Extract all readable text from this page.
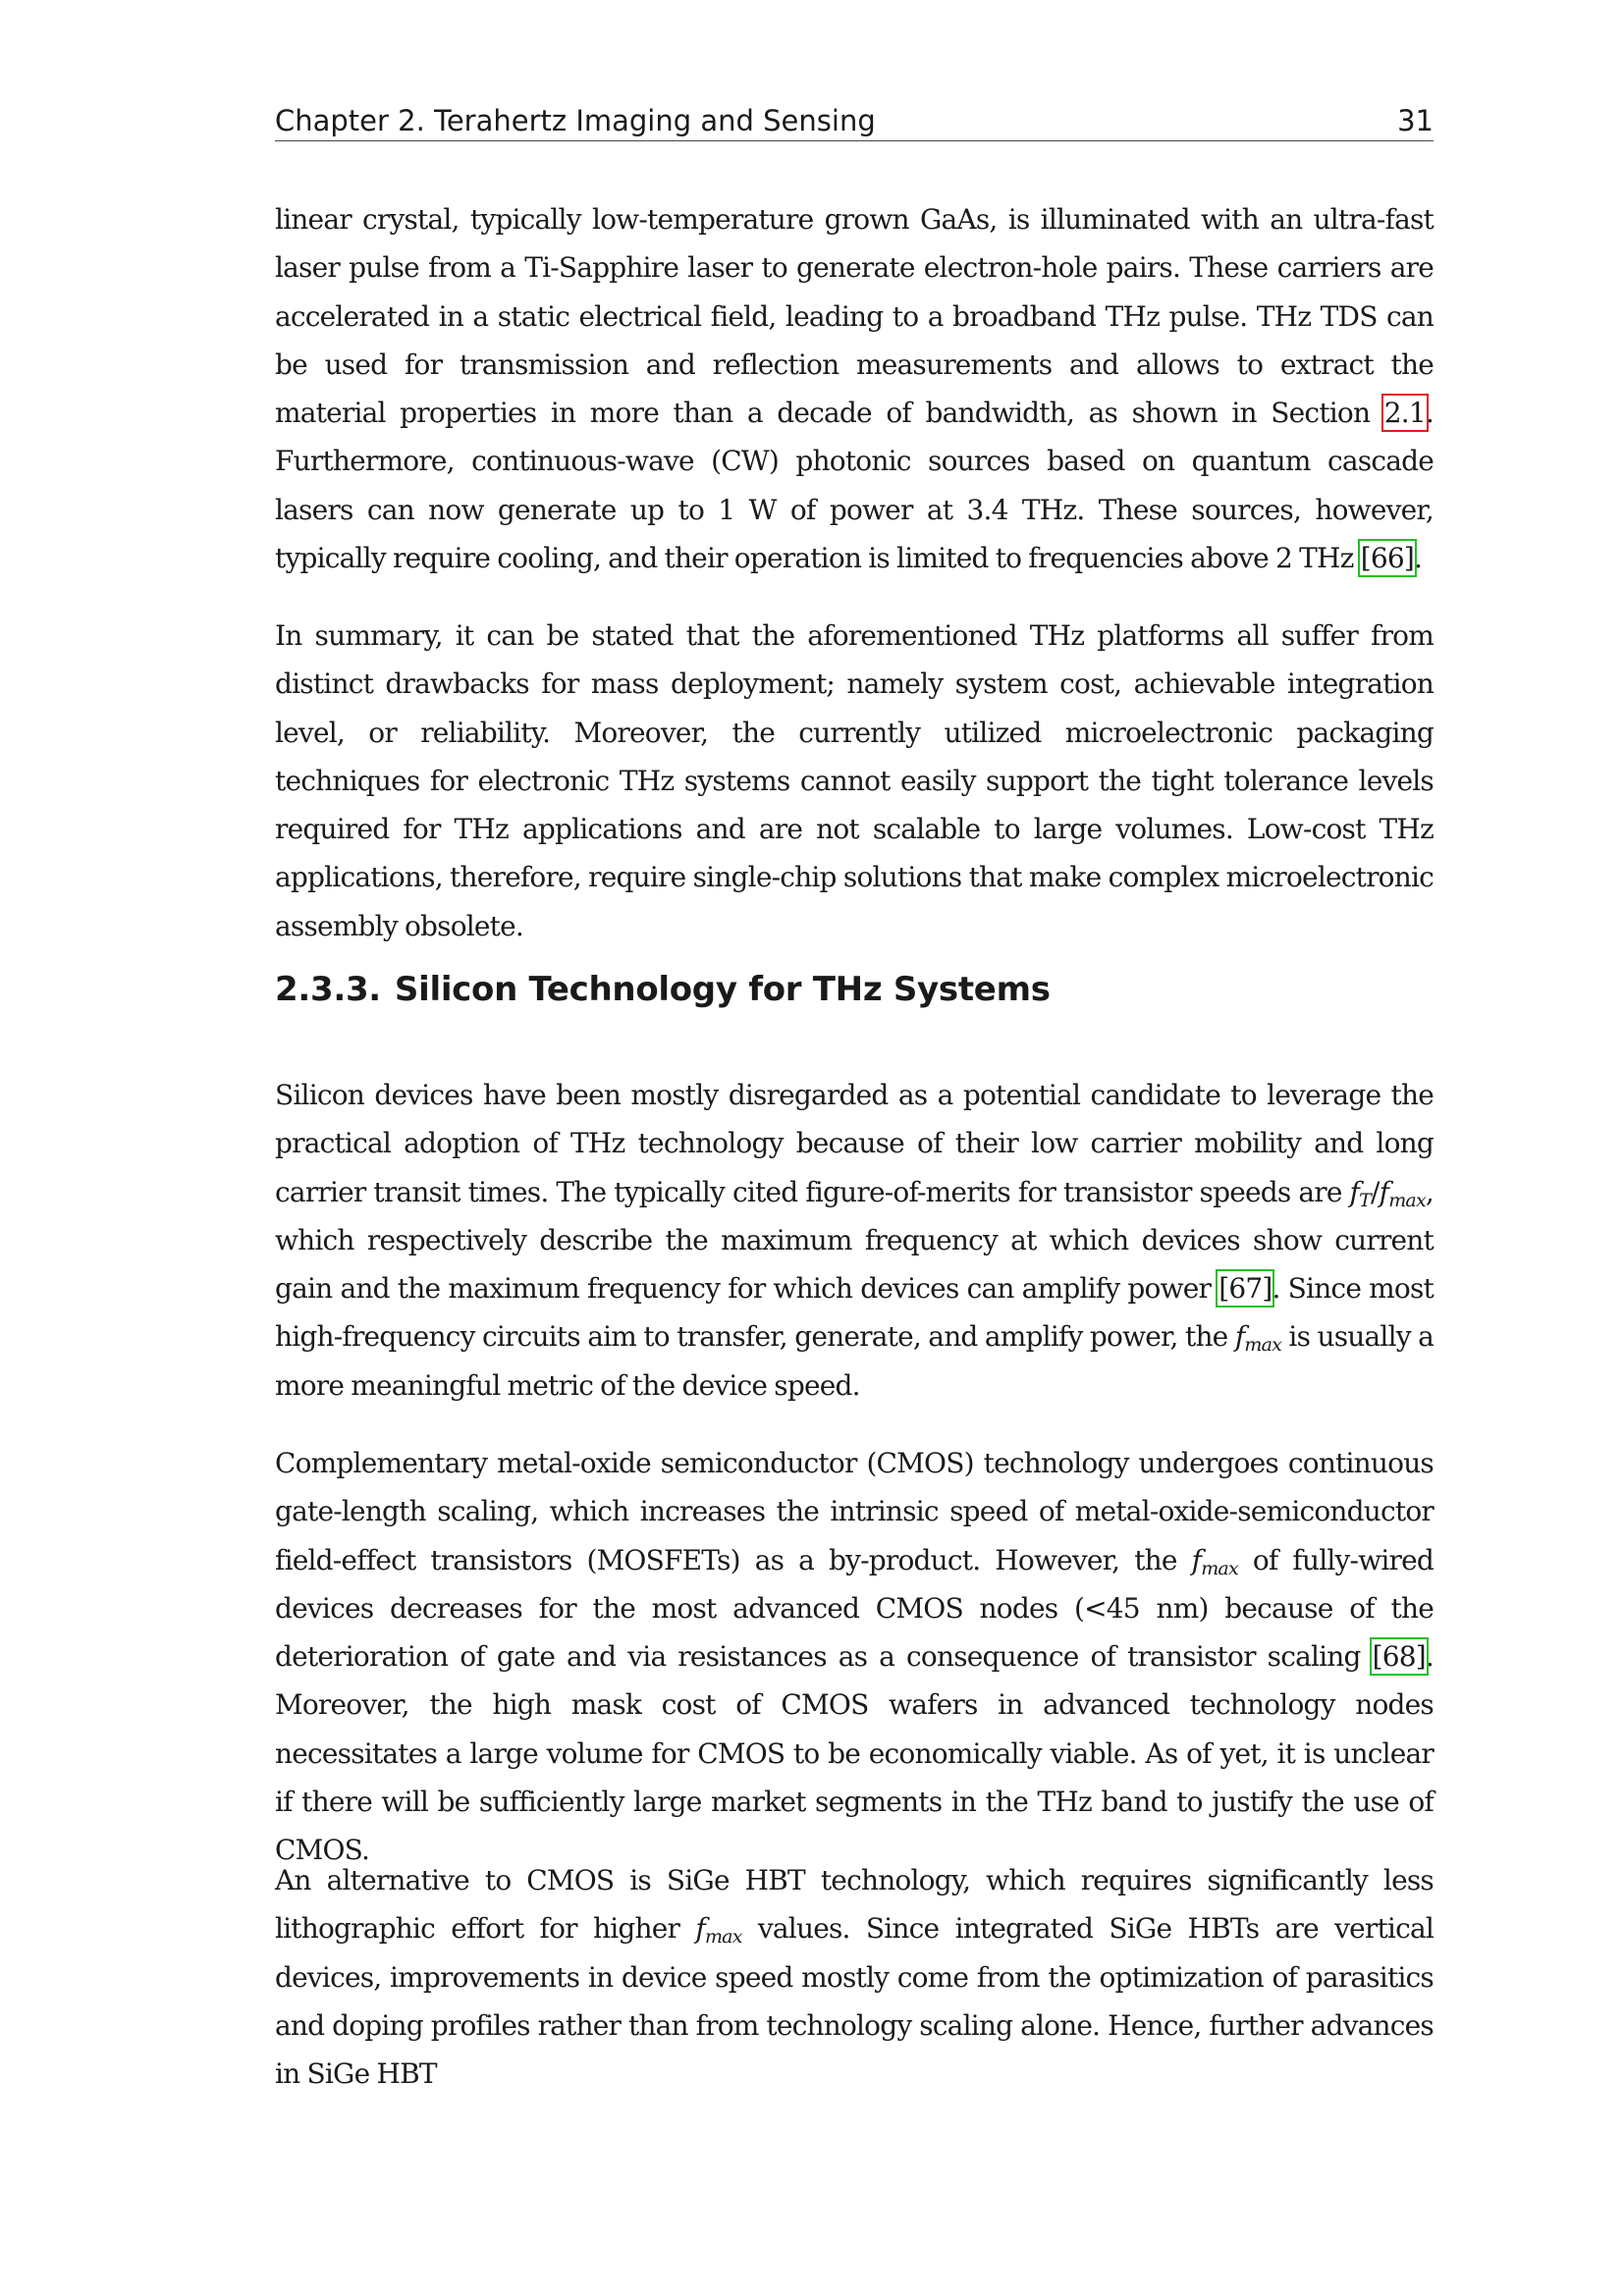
Chapter 2. Terahertz Imaging and Sensing	31

linear crystal, typically low-temperature grown GaAs, is illuminated with an ultra-fast laser pulse from a Ti-Sapphire laser to generate electron-hole pairs. These carriers are accelerated in a static electrical field, leading to a broadband THz pulse. THz TDS can be used for transmission and reflection measurements and allows to extract the material properties in more than a decade of bandwidth, as shown in Section 2.1. Furthermore, continuous-wave (CW) photonic sources based on quantum cascade lasers can now generate up to 1 W of power at 3.4 THz. These sources, however, typically require cooling, and their operation is limited to frequencies above 2 THz [66].

In summary, it can be stated that the aforementioned THz platforms all suffer from distinct drawbacks for mass deployment; namely system cost, achievable integration level, or reliability. Moreover, the currently utilized microelectronic packaging techniques for electronic THz systems cannot easily support the tight tolerance levels required for THz applications and are not scalable to large volumes. Low-cost THz applications, therefore, require single-chip solutions that make complex microelectronic assembly obsolete.

2.3.3. Silicon Technology for THz Systems

Silicon devices have been mostly disregarded as a potential candidate to leverage the practical adoption of THz technology because of their low carrier mobility and long carrier transit times. The typically cited figure-of-merits for transistor speeds are $f_T/f_{max}$, which respectively describe the maximum frequency at which devices show current gain and the maximum frequency for which devices can amplify power [67]. Since most high-frequency circuits aim to transfer, generate, and amplify power, the $f_{max}$ is usually a more meaningful metric of the device speed.

Complementary metal-oxide semiconductor (CMOS) technology undergoes continuous gate-length scaling, which increases the intrinsic speed of metal-oxide-semiconductor field-effect transistors (MOSFETs) as a by-product. However, the $f_{max}$ of fully-wired devices decreases for the most advanced CMOS nodes (<45 nm) because of the deterioration of gate and via resistances as a consequence of transistor scaling [68]. Moreover, the high mask cost of CMOS wafers in advanced technology nodes necessitates a large volume for CMOS to be economically viable. As of yet, it is unclear if there will be sufficiently large market segments in the THz band to justify the use of CMOS.

An alternative to CMOS is SiGe HBT technology, which requires significantly less lithographic effort for higher $f_{max}$ values. Since integrated SiGe HBTs are vertical devices, improvements in device speed mostly come from the optimization of parasitics and doping profiles rather than from technology scaling alone. Hence, further advances in SiGe HBT
